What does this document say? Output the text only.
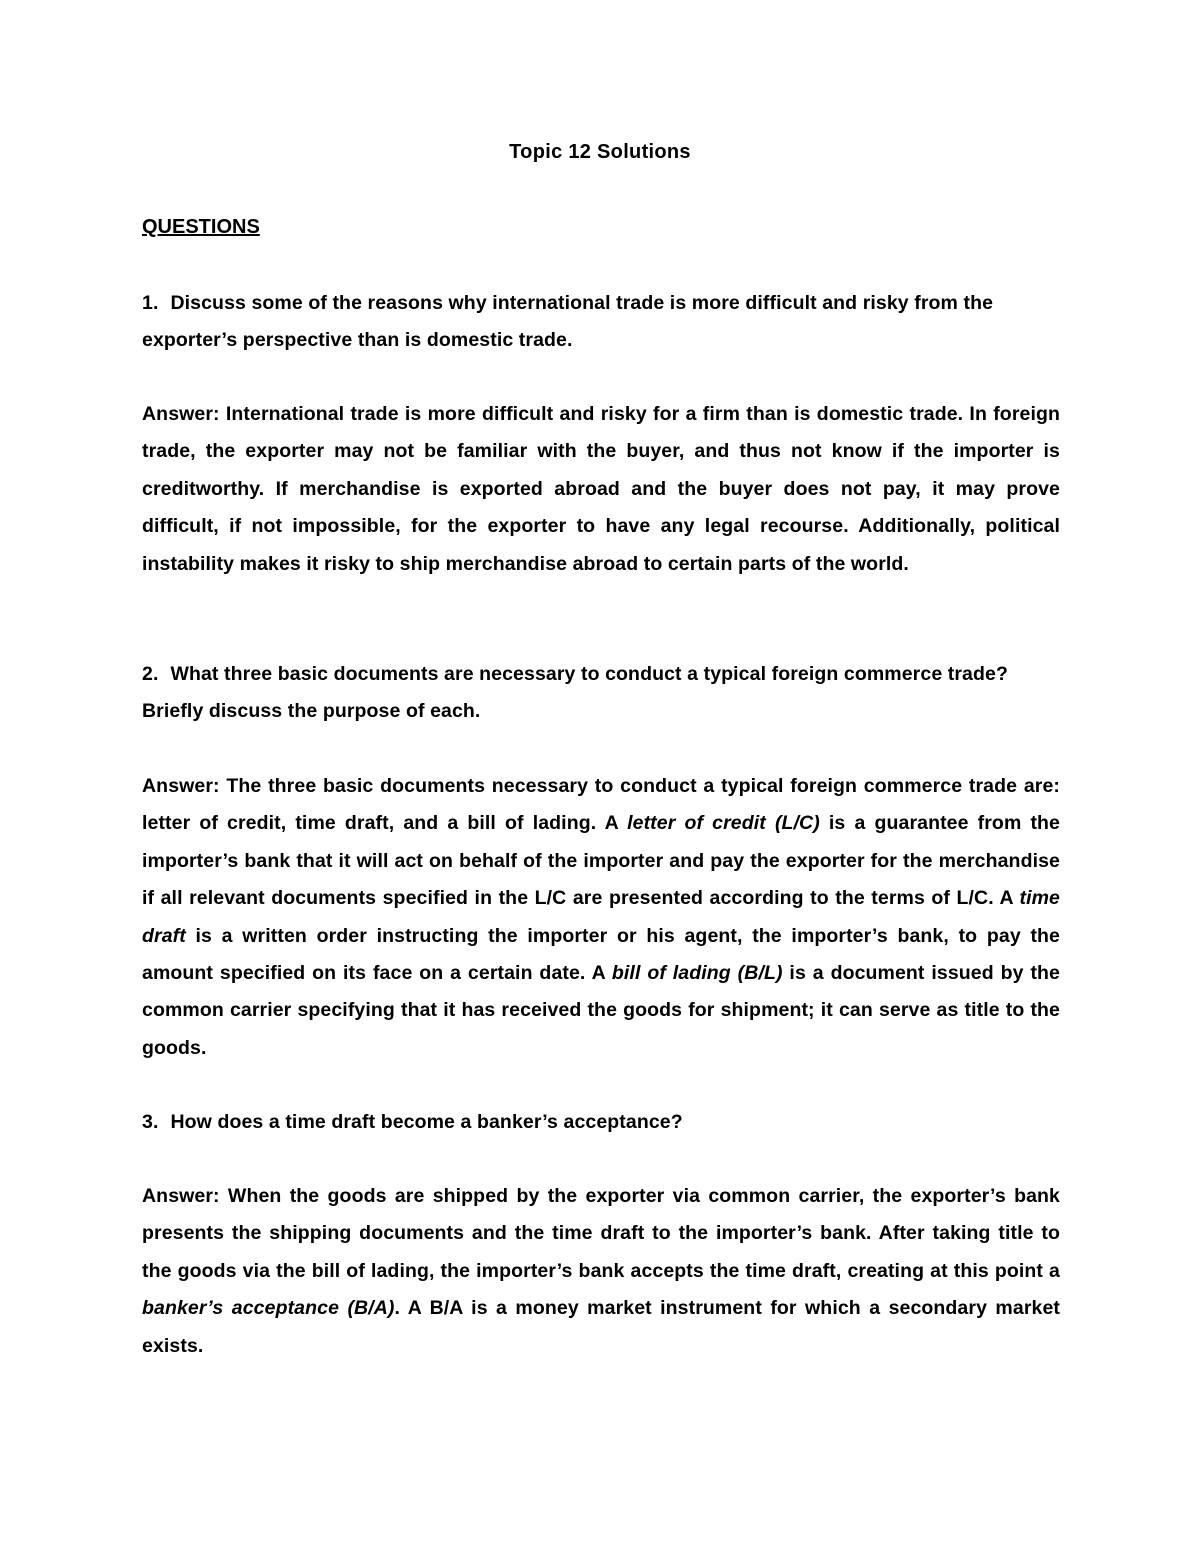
Topic 12 Solutions
QUESTIONS
1. Discuss some of the reasons why international trade is more difficult and risky from the exporter’s perspective than is domestic trade.
Answer: International trade is more difficult and risky for a firm than is domestic trade. In foreign trade, the exporter may not be familiar with the buyer, and thus not know if the importer is creditworthy. If merchandise is exported abroad and the buyer does not pay, it may prove difficult, if not impossible, for the exporter to have any legal recourse. Additionally, political instability makes it risky to ship merchandise abroad to certain parts of the world.
2. What three basic documents are necessary to conduct a typical foreign commerce trade? Briefly discuss the purpose of each.
Answer: The three basic documents necessary to conduct a typical foreign commerce trade are: letter of credit, time draft, and a bill of lading. A letter of credit (L/C) is a guarantee from the importer’s bank that it will act on behalf of the importer and pay the exporter for the merchandise if all relevant documents specified in the L/C are presented according to the terms of L/C. A time draft is a written order instructing the importer or his agent, the importer’s bank, to pay the amount specified on its face on a certain date. A bill of lading (B/L) is a document issued by the common carrier specifying that it has received the goods for shipment; it can serve as title to the goods.
3. How does a time draft become a banker’s acceptance?
Answer: When the goods are shipped by the exporter via common carrier, the exporter’s bank presents the shipping documents and the time draft to the importer’s bank. After taking title to the goods via the bill of lading, the importer’s bank accepts the time draft, creating at this point a banker’s acceptance (B/A). A B/A is a money market instrument for which a secondary market exists.
